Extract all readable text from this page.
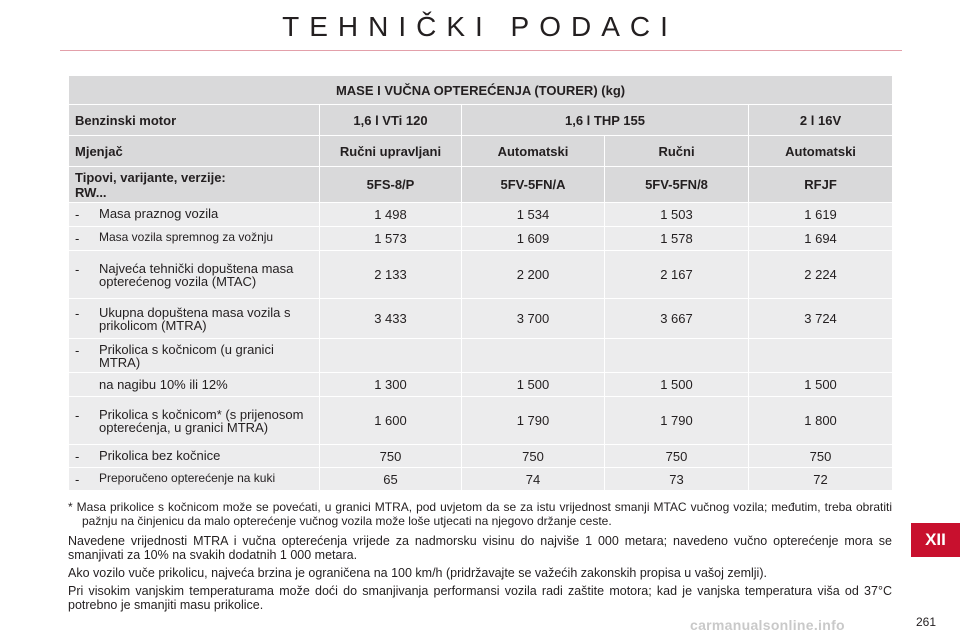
TEHNIČKI PODACI
MASE I VUČNA OPTEREĆENJA (TOURER) (kg)				
Benzinski motor	1,6 l VTi 120	1,6 l THP 155		2 l 16V
Mjenjač	Ručni upravljani	Automatski	Ručni	Automatski

Tipovi, varijante, verzije:
RW...	5FS-8/P	5FV-5FN/A	5FV-5FN/8	RFJF

- Masa praznog vozila	1 498	1 534	1 503	1 619

- Masa vozila spremnog za vožnju	1 573	1 609	1 578	1 694

- Najveća tehnički dopuštena masa opterećenog vozila (MTAC)	2 133	2 200	2 167	2 224

- Ukupna dopuštena masa vozila s prikolicom (MTRA)	3 433	3 700	3 667	3 724

- Prikolica s kočnicom (u granici MTRA)				

na nagibu 10% ili 12%	1 300	1 500	1 500	1 500

- Prikolica s kočnicom* (s prijenosom opterećenja, u granici MTRA)	1 600	1 790	1 790	1 800

- Prikolica bez kočnice	750	750	750	750

- Preporučeno opterećenje na kuki	65	74	73	72

* Masa prikolice s kočnicom može se povećati, u granici MTRA, pod uvjetom da se za istu vrijednost smanji MTAC vučnog vozila; međutim, treba obratiti pažnju na činjenicu da malo opterećenje vučnog vozila može loše utjecati na njegovo držanje ceste.

Navedene vrijednosti MTRA i vučna opterećenja vrijede za nadmorsku visinu do najviše 1 000 metara; navedeno vučno opterećenje mora se smanjivati za 10% na svakih dodatnih 1 000 metara.

Ako vozilo vuče prikolicu, najveća brzina je ograničena na 100 km/h (pridržavajte se važećih zakonskih propisa u vašoj zemlji).

Pri visokim vanjskim temperaturama može doći do smanjivanja performansi vozila radi zaštite motora; kad je vanjska temperatura viša od 37°C potrebno je smanjiti masu prikolice.

XII
carmanualsonline.info	261
